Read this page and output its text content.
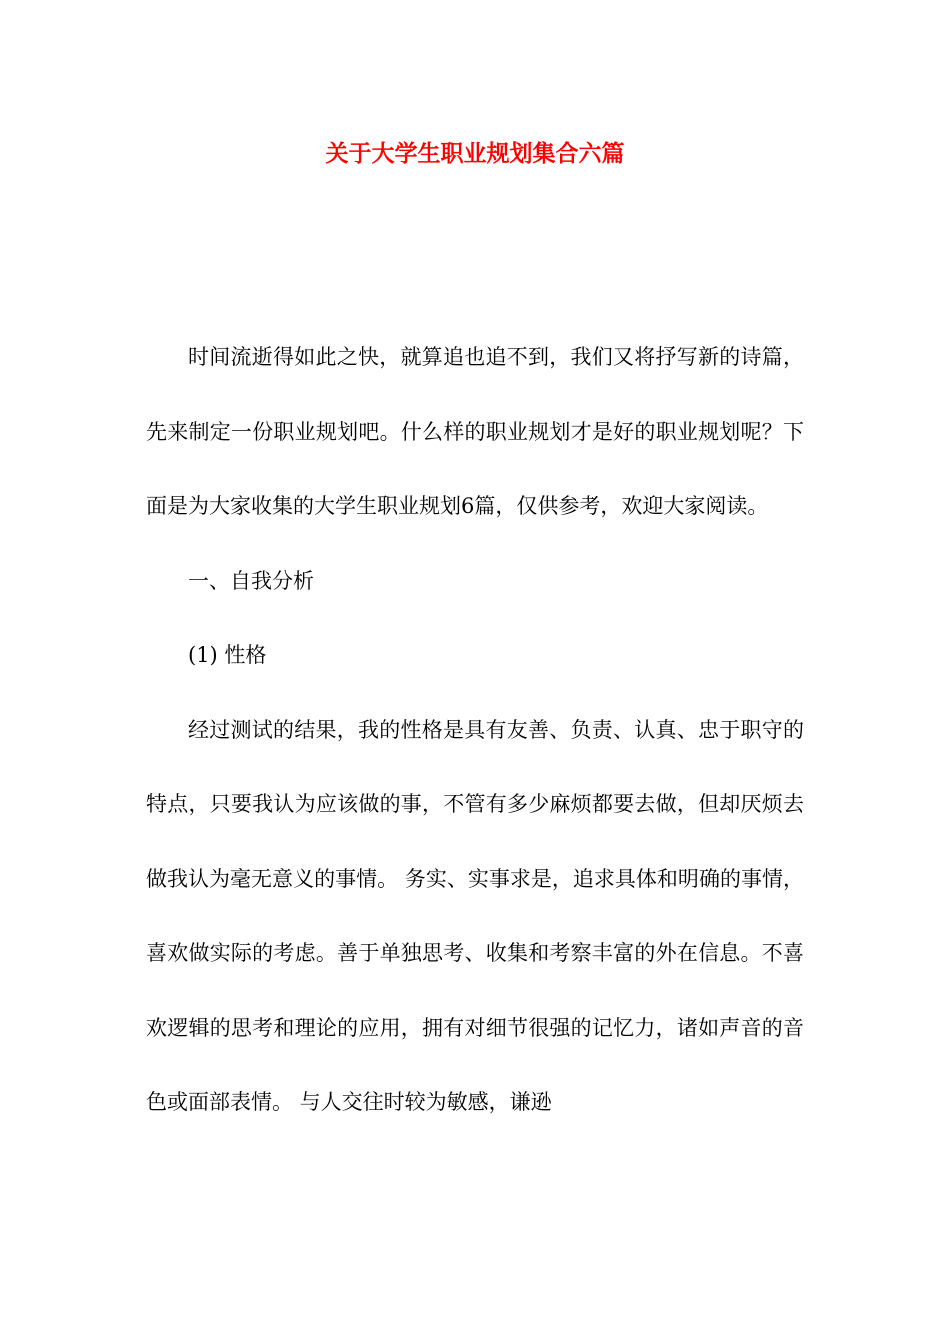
关于大学生职业规划集合六篇

时间流逝得如此之快，就算追也追不到，我们又将抒写新的诗篇，先来制定一份职业规划吧。什么样的职业规划才是好的职业规划呢？下面是为大家收集的大学生职业规划6篇，仅供参考，欢迎大家阅读。

一、自我分析

(1) 性格

经过测试的结果，我的性格是具有友善、负责、认真、忠于职守的特点，只要我认为应该做的事，不管有多少麻烦都要去做，但却厌烦去做我认为毫无意义的事情。 务实、实事求是，追求具体和明确的事情，喜欢做实际的考虑。善于单独思考、收集和考察丰富的外在信息。不喜欢逻辑的思考和理论的应用，拥有对细节很强的记忆力，诸如声音的音色或面部表情。 与人交往时较为敏感，谦逊
